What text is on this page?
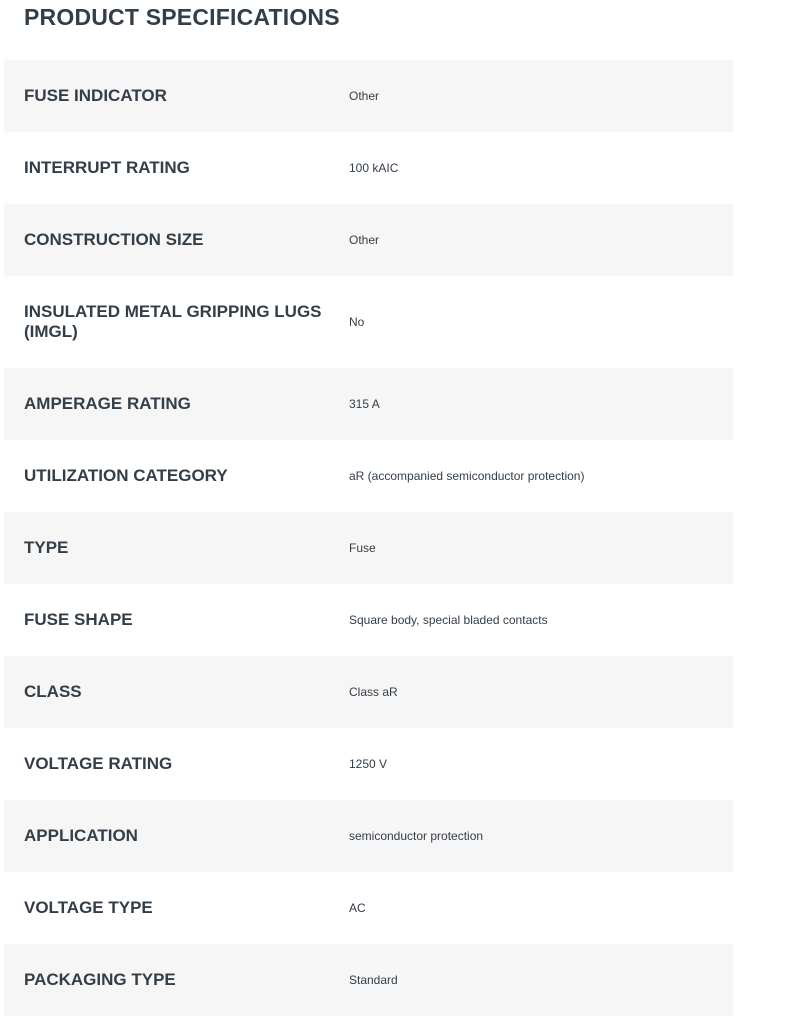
PRODUCT SPECIFICATIONS
FUSE INDICATOR	Other
INTERRUPT RATING	100 kAIC
CONSTRUCTION SIZE	Other
INSULATED METAL GRIPPING LUGS (IMGL)	No
AMPERAGE RATING	315 A
UTILIZATION CATEGORY	aR (accompanied semiconductor protection)
TYPE	Fuse
FUSE SHAPE	Square body, special bladed contacts
CLASS	Class aR
VOLTAGE RATING	1250 V
APPLICATION	semiconductor protection
VOLTAGE TYPE	AC
PACKAGING TYPE	Standard
